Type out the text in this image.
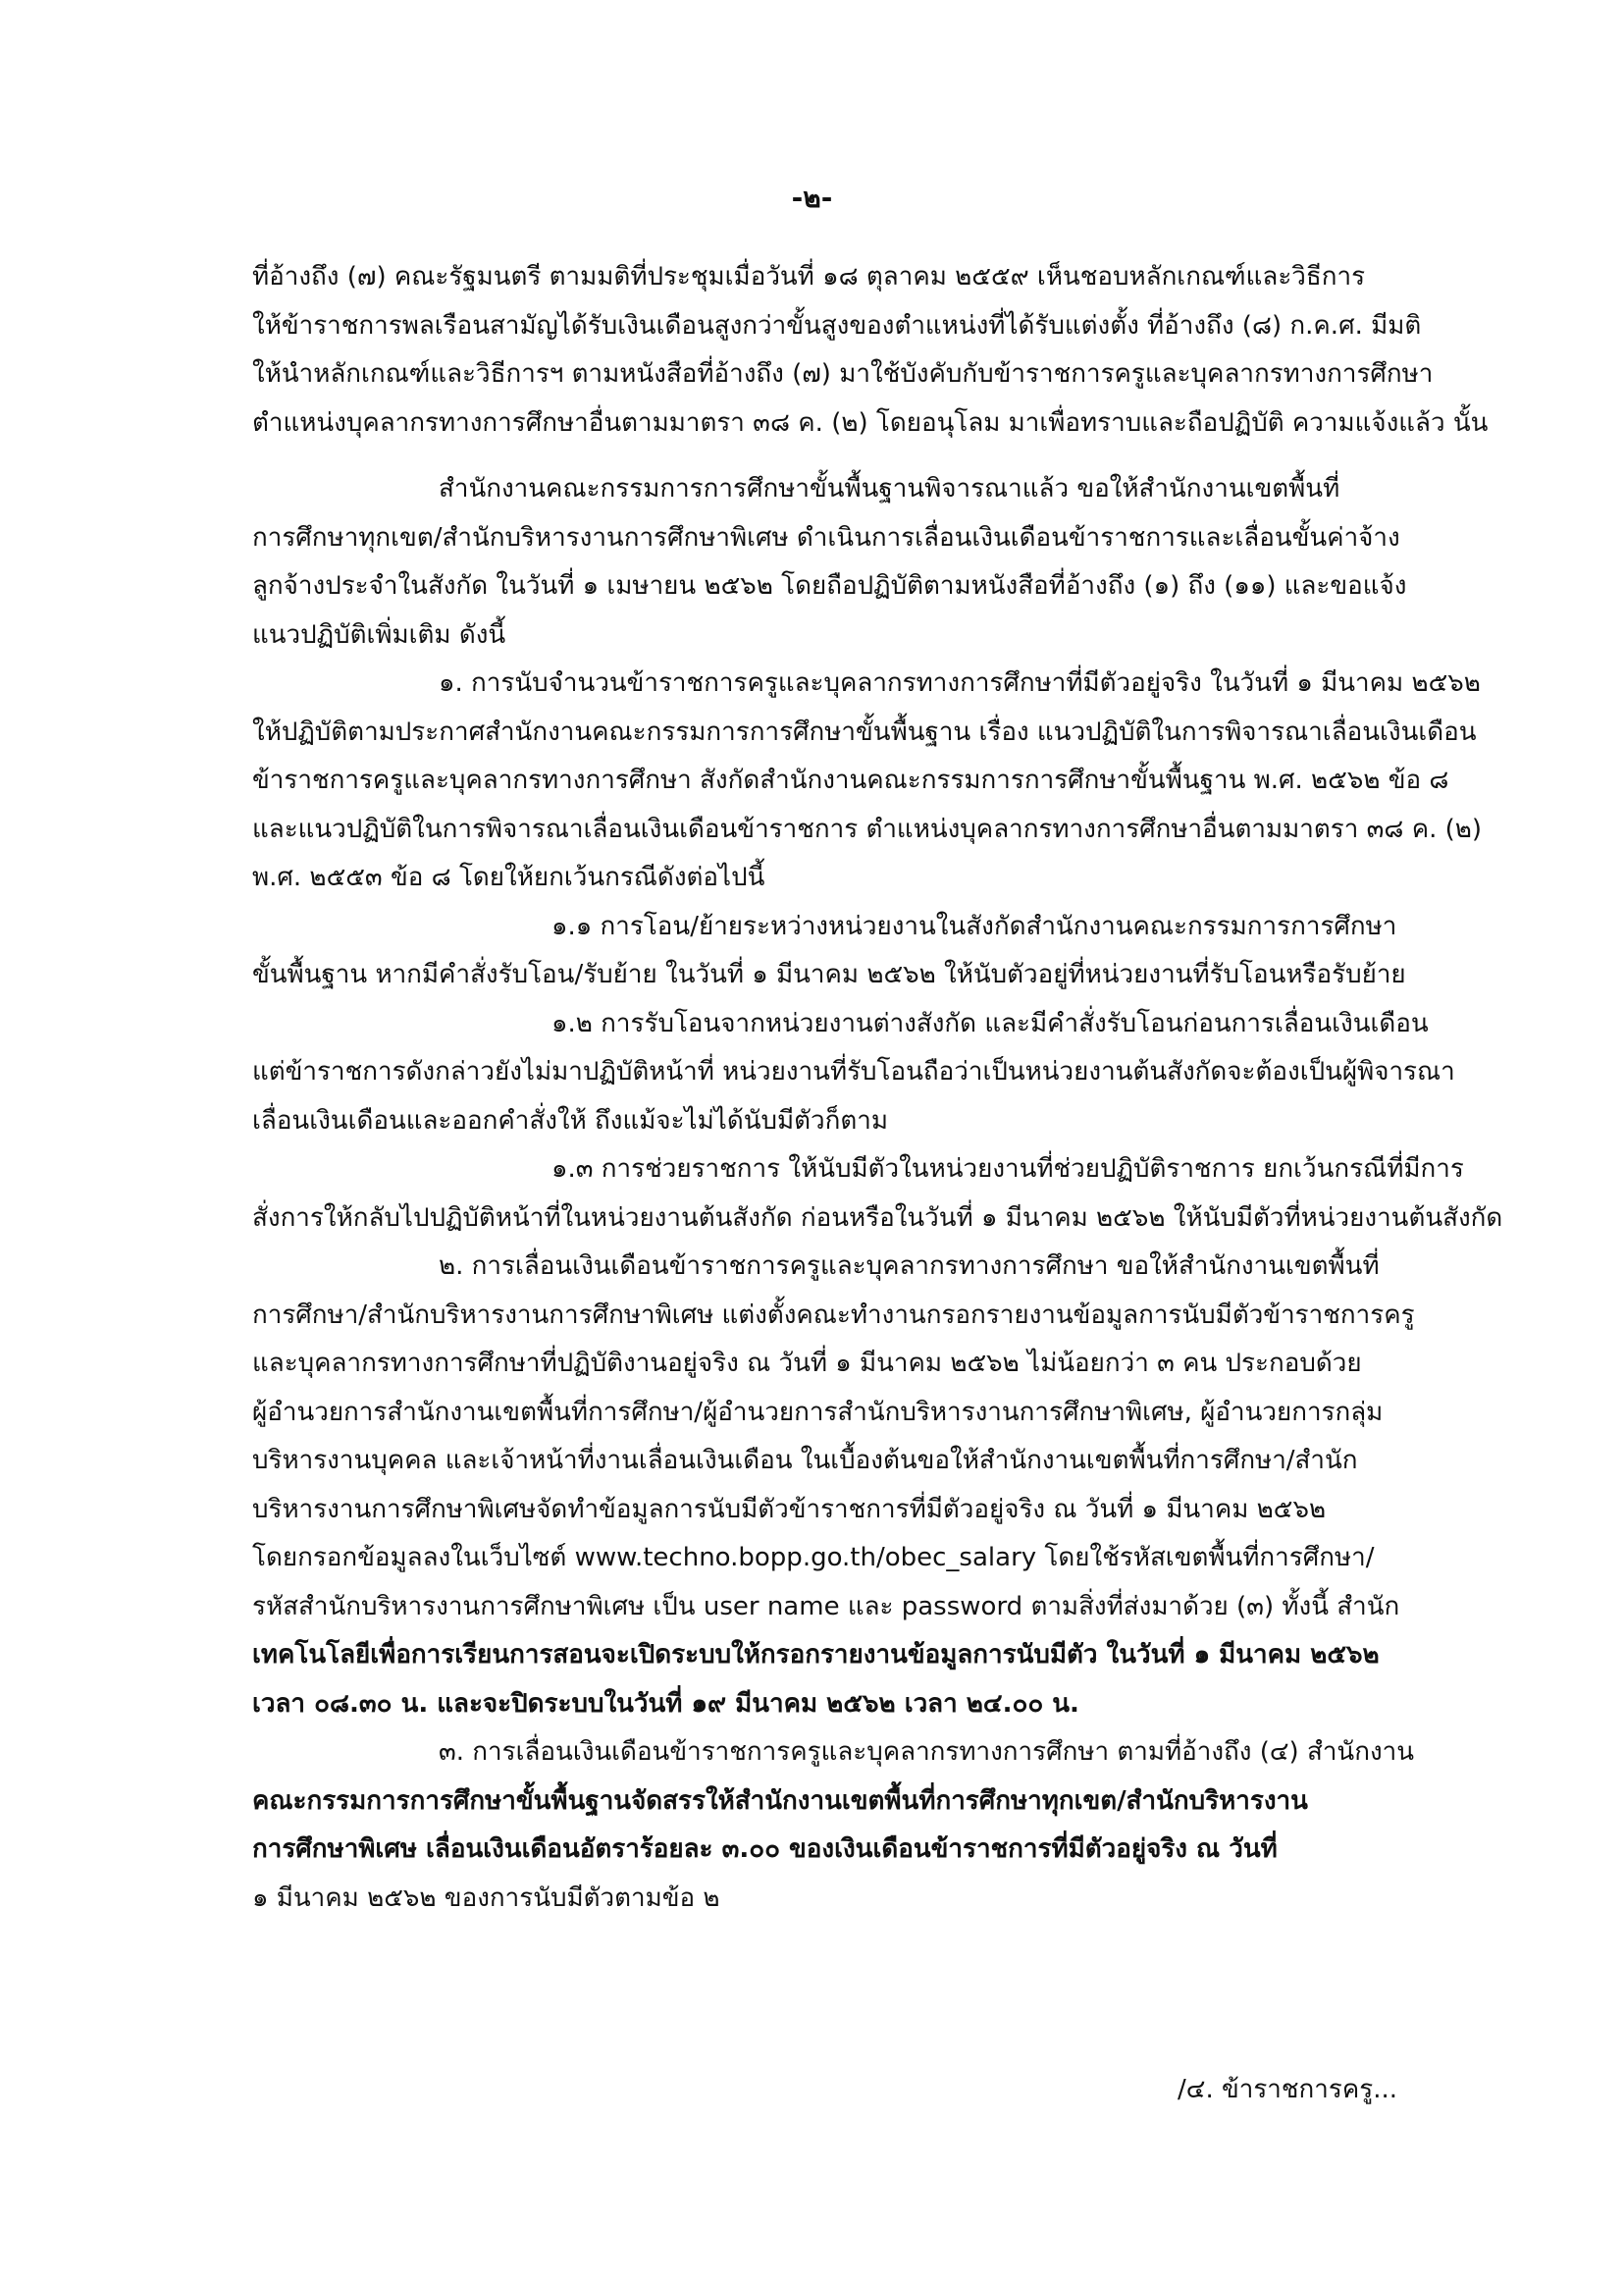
-๒-
ที่อ้างถึง (๗) คณะรัฐมนตรี ตามมติที่ประชุมเมื่อวันที่ ๑๘ ตุลาคม ๒๕๕๙ เห็นชอบหลักเกณฑ์และวิธีการ
ให้ข้าราชการพลเรือนสามัญได้รับเงินเดือนสูงกว่าขั้นสูงของตำแหน่งที่ได้รับแต่งตั้ง ที่อ้างถึง (๘) ก.ค.ศ. มีมติ
ให้นำหลักเกณฑ์และวิธีการฯ ตามหนังสือที่อ้างถึง (๗) มาใช้บังคับกับข้าราชการครูและบุคลากรทางการศึกษา
ตำแหน่งบุคลากรทางการศึกษาอื่นตามมาตรา ๓๘ ค. (๒) โดยอนุโลม มาเพื่อทราบและถือปฏิบัติ ความแจ้งแล้ว นั้น
สำนักงานคณะกรรมการการศึกษาขั้นพื้นฐานพิจารณาแล้ว ขอให้สำนักงานเขตพื้นที่
การศึกษาทุกเขต/สำนักบริหารงานการศึกษาพิเศษ ดำเนินการเลื่อนเงินเดือนข้าราชการและเลื่อนขั้นค่าจ้าง
ลูกจ้างประจำในสังกัด ในวันที่ ๑ เมษายน ๒๕๖๒ โดยถือปฏิบัติตามหนังสือที่อ้างถึง (๑) ถึง (๑๑) และขอแจ้ง
แนวปฏิบัติเพิ่มเติม ดังนี้
๑. การนับจำนวนข้าราชการครูและบุคลากรทางการศึกษาที่มีตัวอยู่จริง ในวันที่ ๑ มีนาคม ๒๕๖๒
ให้ปฏิบัติตามประกาศสำนักงานคณะกรรมการการศึกษาขั้นพื้นฐาน เรื่อง แนวปฏิบัติในการพิจารณาเลื่อนเงินเดือน
ข้าราชการครูและบุคลากรทางการศึกษา สังกัดสำนักงานคณะกรรมการการศึกษาขั้นพื้นฐาน พ.ศ. ๒๕๖๒ ข้อ ๘
และแนวปฏิบัติในการพิจารณาเลื่อนเงินเดือนข้าราชการ ตำแหน่งบุคลากรทางการศึกษาอื่นตามมาตรา ๓๘ ค. (๒)
พ.ศ. ๒๕๕๓ ข้อ ๘ โดยให้ยกเว้นกรณีดังต่อไปนี้
๑.๑ การโอน/ย้ายระหว่างหน่วยงานในสังกัดสำนักงานคณะกรรมการการศึกษา
ขั้นพื้นฐาน หากมีคำสั่งรับโอน/รับย้าย ในวันที่ ๑ มีนาคม ๒๕๖๒ ให้นับตัวอยู่ที่หน่วยงานที่รับโอนหรือรับย้าย
๑.๒ การรับโอนจากหน่วยงานต่างสังกัด และมีคำสั่งรับโอนก่อนการเลื่อนเงินเดือน
แต่ข้าราชการดังกล่าวยังไม่มาปฏิบัติหน้าที่ หน่วยงานที่รับโอนถือว่าเป็นหน่วยงานต้นสังกัดจะต้องเป็นผู้พิจารณา
เลื่อนเงินเดือนและออกคำสั่งให้ ถึงแม้จะไม่ได้นับมีตัวก็ตาม
๑.๓ การช่วยราชการ ให้นับมีตัวในหน่วยงานที่ช่วยปฏิบัติราชการ ยกเว้นกรณีที่มีการ
สั่งการให้กลับไปปฏิบัติหน้าที่ในหน่วยงานต้นสังกัด ก่อนหรือในวันที่ ๑ มีนาคม ๒๕๖๒ ให้นับมีตัวที่หน่วยงานต้นสังกัด
๒. การเลื่อนเงินเดือนข้าราชการครูและบุคลากรทางการศึกษา ขอให้สำนักงานเขตพื้นที่
การศึกษา/สำนักบริหารงานการศึกษาพิเศษ แต่งตั้งคณะทำงานกรอกรายงานข้อมูลการนับมีตัวข้าราชการครู
และบุคลากรทางการศึกษาที่ปฏิบัติงานอยู่จริง ณ วันที่ ๑ มีนาคม ๒๕๖๒ ไม่น้อยกว่า ๓ คน ประกอบด้วย
ผู้อำนวยการสำนักงานเขตพื้นที่การศึกษา/ผู้อำนวยการสำนักบริหารงานการศึกษาพิเศษ, ผู้อำนวยการกลุ่ม
บริหารงานบุคคล และเจ้าหน้าที่งานเลื่อนเงินเดือน ในเบื้องต้นขอให้สำนักงานเขตพื้นที่การศึกษา/สำนัก
บริหารงานการศึกษาพิเศษจัดทำข้อมูลการนับมีตัวข้าราชการที่มีตัวอยู่จริง ณ วันที่ ๑ มีนาคม ๒๕๖๒
โดยกรอกข้อมูลลงในเว็บไซต์ www.techno.bopp.go.th/obec_salary โดยใช้รหัสเขตพื้นที่การศึกษา/
รหัสสำนักบริหารงานการศึกษาพิเศษ เป็น user name และ password ตามสิ่งที่ส่งมาด้วย (๓) ทั้งนี้ สำนัก
เทคโนโลยีเพื่อการเรียนการสอนจะเปิดระบบให้กรอกรายงานข้อมูลการนับมีตัว ในวันที่ ๑ มีนาคม ๒๕๖๒
เวลา ๐๘.๓๐ น. และจะปิดระบบในวันที่ ๑๙ มีนาคม ๒๕๖๒ เวลา ๒๔.๐๐ น.
๓. การเลื่อนเงินเดือนข้าราชการครูและบุคลากรทางการศึกษา ตามที่อ้างถึง (๔) สำนักงาน
คณะกรรมการการศึกษาขั้นพื้นฐานจัดสรรให้สำนักงานเขตพื้นที่การศึกษาทุกเขต/สำนักบริหารงาน
การศึกษาพิเศษ เลื่อนเงินเดือนอัตราร้อยละ ๓.๐๐ ของเงินเดือนข้าราชการที่มีตัวอยู่จริง ณ วันที่
๑ มีนาคม ๒๕๖๒ ของการนับมีตัวตามข้อ ๒
/๔. ข้าราชการครู...
